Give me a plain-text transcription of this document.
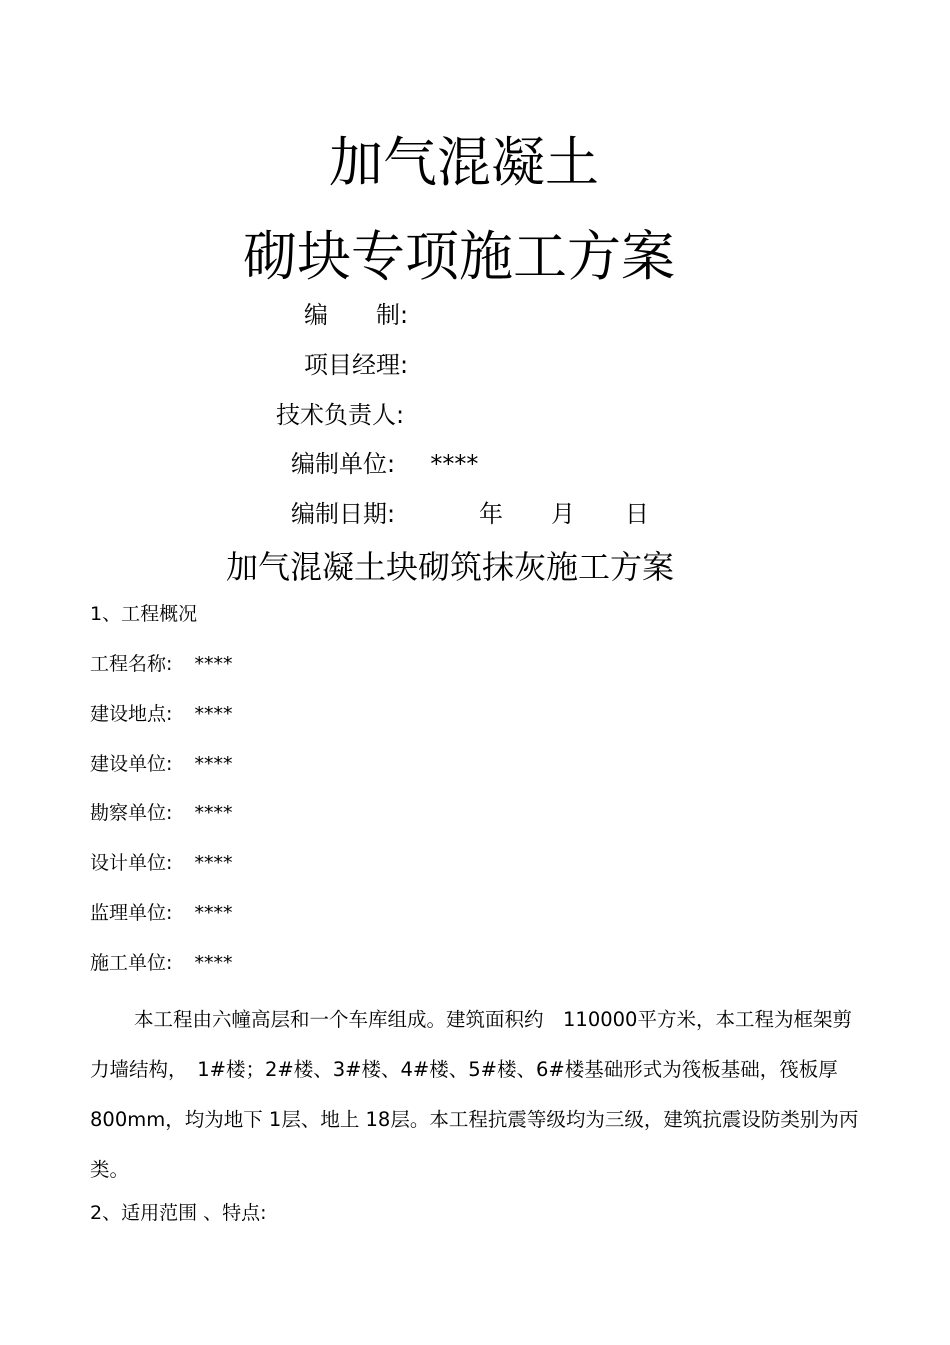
加气混凝土
砌块专项施工方案
编　　制:
项目经理:
技术负责人:
编制单位: ****
编制日期:	年 月 日
加气混凝土块砌筑抹灰施工方案
1、工程概况
工程名称: ****
建设地点: ****
建设单位: ****
勘察单位: ****
设计单位: ****
监理单位: ****
施工单位: ****
本工程由六幢高层和一个车库组成。建筑面积约　110000平方米，本工程为框架剪力墙结构，　1#楼；2#楼、3#楼、4#楼、5#楼、6#楼基础形式为筏板基础，筏板厚 800mm，均为地下 1层、地上 18层。本工程抗震等级均为三级，建筑抗震设防类别为丙类。
2、适用范围 、特点:
